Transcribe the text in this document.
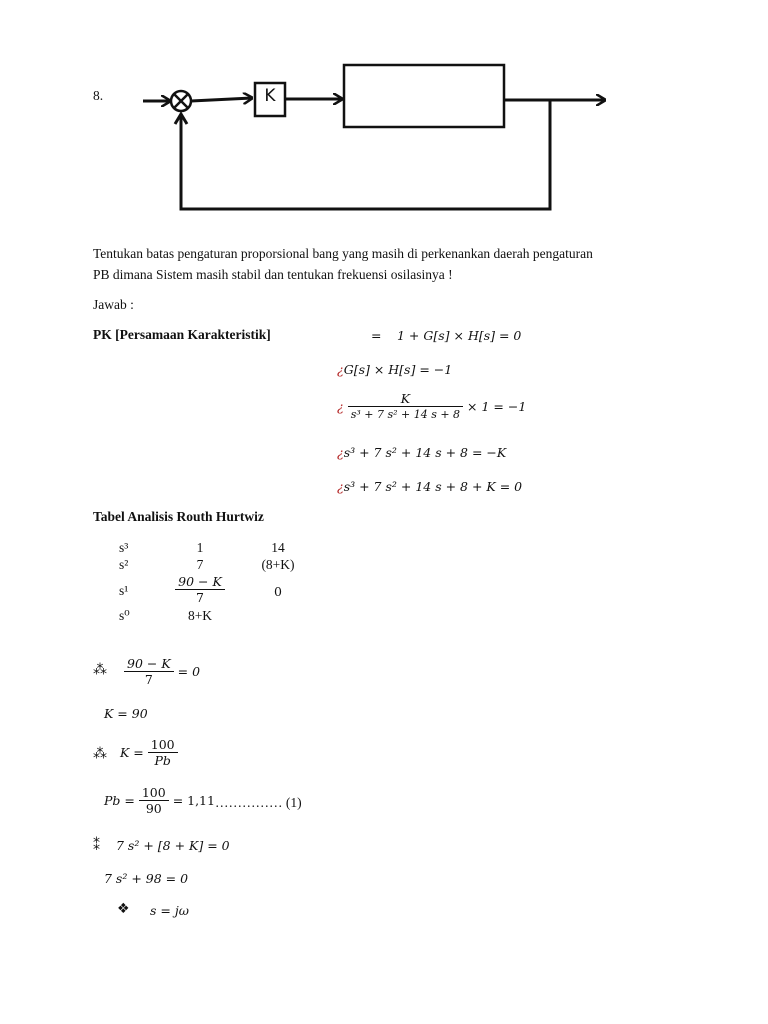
8.	K
Tentukan batas pengaturan proporsional bang yang masih di perkenankan daerah pengaturan
PB dimana Sistem masih stabil dan tentukan frekuensi osilasinya !
Jawab :
PK [Persamaan Karakteristik]	= 1 + G[s] × H[s] = 0
¿G[s] × H[s] = −1
¿ $\frac{K}{\text{s³ + 7 s² + 14 s + 8}} \times 1 = -1$
¿s³ + 7 s² + 14 s + 8 = −K
¿s³ + 7 s² + 14 s + 8 + K = 0
Tabel Analisis Routh Hurtwiz
s³	1	14
s²	7	(8+K)
s¹	$\frac{90 - K}{7}$	0
s⁰	8+K
⁂ $\frac{90 - K}{7} = 0$
K = 90
⁂ $K = \frac{100}{Pb}$
$Pb = \frac{100}{90} = 1,11$ …………… (1)
⁑ 7 s² + [8 + K] = 0
7 s² + 98 = 0
❖ s = jω
